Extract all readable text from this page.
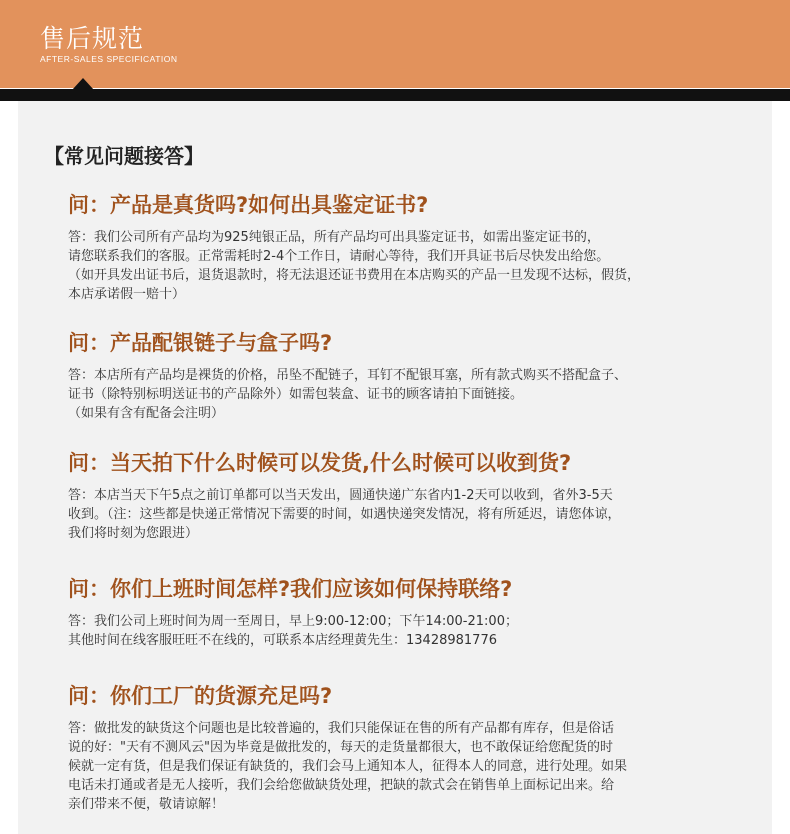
售后规范
AFTER-SALES SPECIFICATION
【常见问题接答】
问：产品是真货吗?如何出具鉴定证书?
答：我们公司所有产品均为925纯银正品，所有产品均可出具鉴定证书，如需出鉴定证书的，
请您联系我们的客服。正常需耗时2-4个工作日，请耐心等待，我们开具证书后尽快发出给您。
（如开具发出证书后，退货退款时，将无法退还证书费用在本店购买的产品一旦发现不达标，假货，
本店承诺假一赔十）
问：产品配银链子与盒子吗?
答：本店所有产品均是裸货的价格，吊坠不配链子，耳钉不配银耳塞，所有款式购买不搭配盒子、
证书（除特别标明送证书的产品除外）如需包装盒、证书的顾客请拍下面链接。
（如果有含有配备会注明）
问：当天拍下什么时候可以发货,什么时候可以收到货?
答：本店当天下午5点之前订单都可以当天发出，圆通快递广东省内1-2天可以收到，省外3-5天
收到。（注：这些都是快递正常情况下需要的时间，如遇快递突发情况，将有所延迟，请您体谅，
我们将时刻为您跟进）
问：你们上班时间怎样?我们应该如何保持联络?
答：我们公司上班时间为周一至周日，早上9:00-12:00；下午14:00-21:00；
其他时间在线客服旺旺不在线的，可联系本店经理黄先生：13428981776
问：你们工厂的货源充足吗?
答：做批发的缺货这个问题也是比较普遍的，我们只能保证在售的所有产品都有库存，但是俗话
说的好："天有不测风云"因为毕竟是做批发的，每天的走货量都很大，也不敢保证给您配货的时
候就一定有货，但是我们保证有缺货的，我们会马上通知本人，征得本人的同意，进行处理。如果
电话未打通或者是无人接听，我们会给您做缺货处理，把缺的款式会在销售单上面标记出来。给
亲们带来不便，敬请谅解！
